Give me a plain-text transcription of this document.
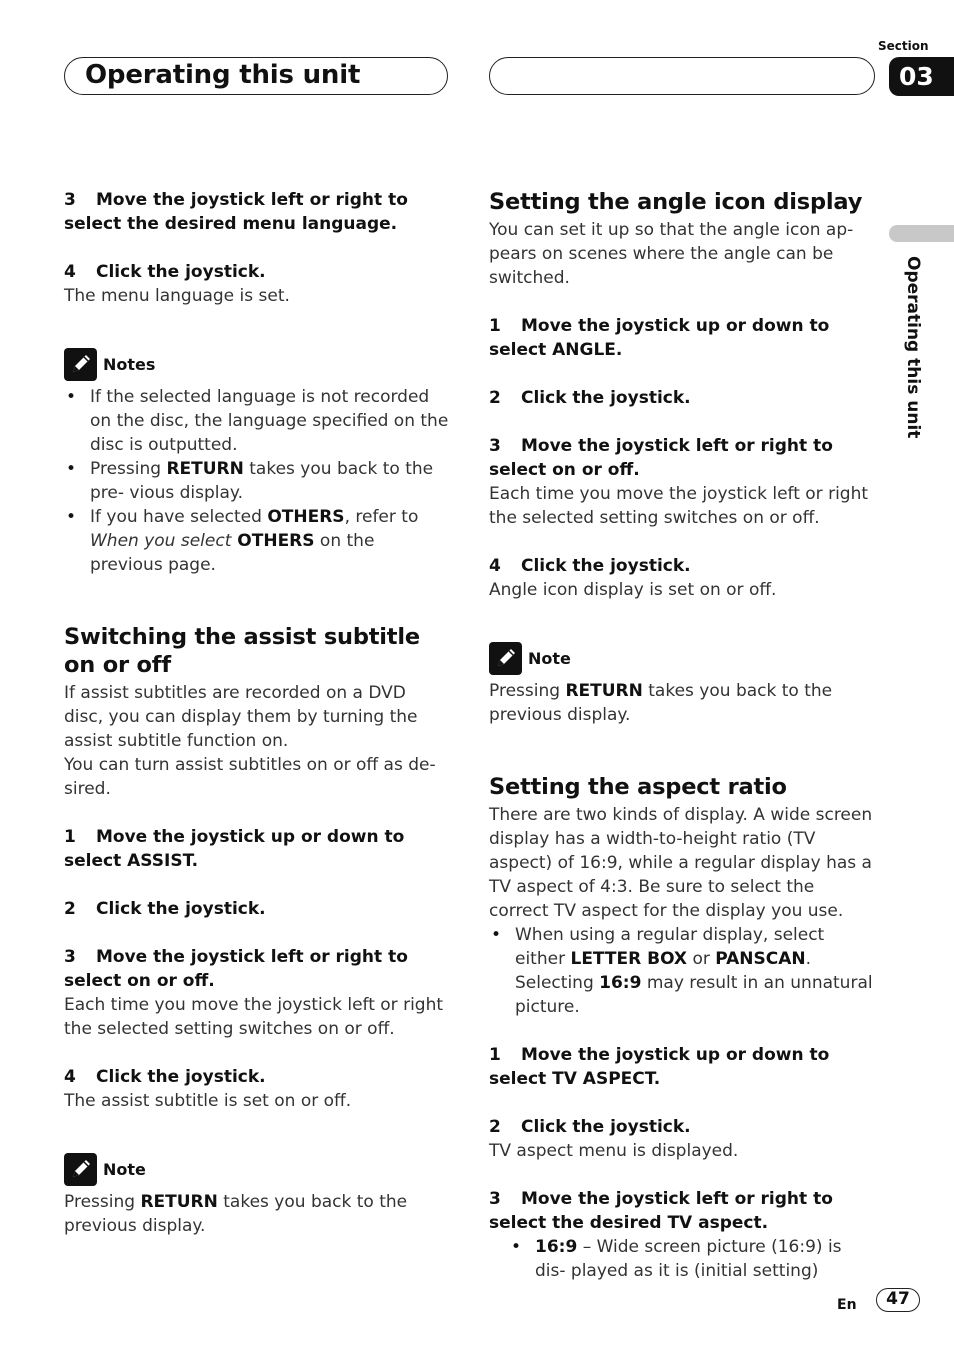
Operating this unit
Section
03
Operating this unit
3 Move the joystick left or right to select the desired menu language.
4 Click the joystick.

The menu language is set.

Notes
• If the selected language is not recorded on the disc, the language specified on the disc is outputted.
• Pressing RETURN takes you back to the pre- vious display.
• If you have selected OTHERS, refer to When you select OTHERS on the previous page.
Switching the assist subtitle on or off

If assist subtitles are recorded on a DVD disc, you can display them by turning the assist subtitle function on.

You can turn assist subtitles on or off as de- sired.

1 Move the joystick up or down to select ASSIST.
2 Click the joystick.
3 Move the joystick left or right to select on or off.

Each time you move the joystick left or right the selected setting switches on or off.

4 Click the joystick.

The assist subtitle is set on or off.

Note

Pressing RETURN takes you back to the previous display.

Setting the angle icon display

You can set it up so that the angle icon ap- pears on scenes where the angle can be switched.

1 Move the joystick up or down to select ANGLE.
2 Click the joystick.
3 Move the joystick left or right to select on or off.

Each time you move the joystick left or right the selected setting switches on or off.

4 Click the joystick.

Angle icon display is set on or off.

Note

Pressing RETURN takes you back to the previous display.

Setting the aspect ratio

There are two kinds of display. A wide screen display has a width-to-height ratio (TV aspect) of 16:9, while a regular display has a TV aspect of 4:3. Be sure to select the correct TV aspect for the display you use.

• When using a regular display, select either LETTER BOX or PANSCAN. Selecting 16:9 may result in an unnatural picture.
1 Move the joystick up or down to select TV ASPECT.
2 Click the joystick.

TV aspect menu is displayed.

3 Move the joystick left or right to select the desired TV aspect.
• 16:9 – Wide screen picture (16:9) is dis- played as it is (initial setting)
En	47
